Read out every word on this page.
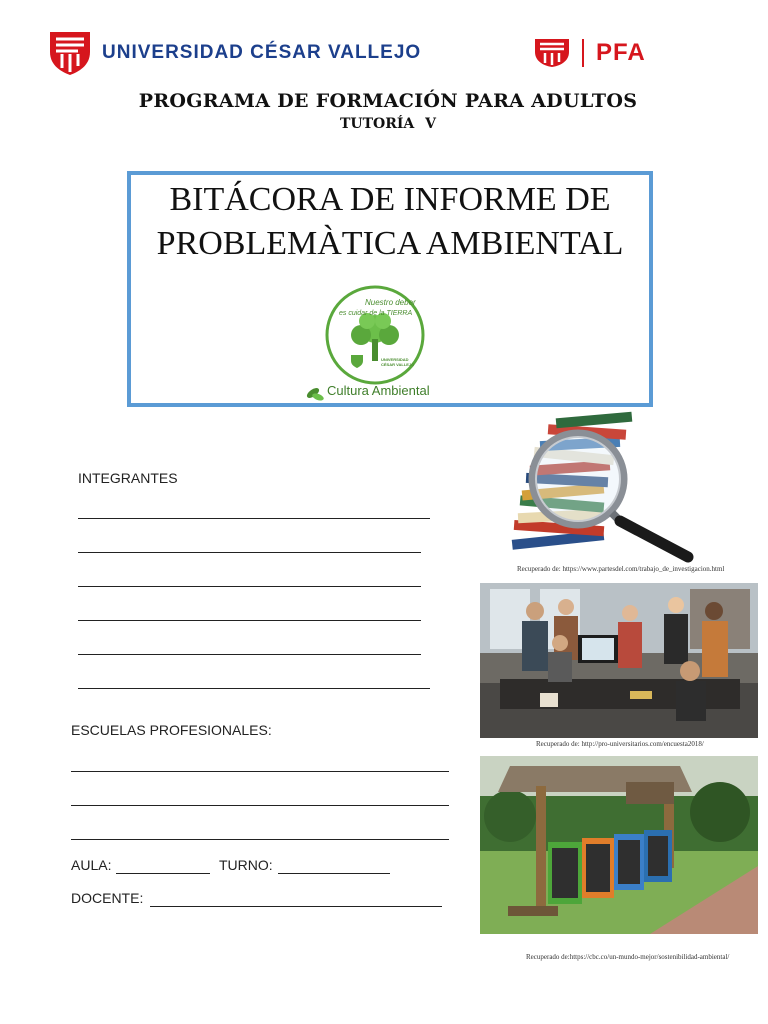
UNIVERSIDAD CÉSAR VALLEJO	PFA
PROGRAMA DE FORMACIÓN PARA ADULTOS
TUTORÍA V
BITÁCORA DE INFORME DE
PROBLEMÀTICA AMBIENTAL
Nuestro deber
es cuidar de la TIERRA
UNIVERSIDAD
CÉSAR VALLEJO
Cultura Ambiental
INTEGRANTES
ESCUELAS PROFESIONALES:
AULA:	TURNO:
DOCENTE:
Recuperado de: https://www.partesdel.com/trabajo_de_investigacion.html
Recuperado de: http://pro-universitarios.com/encuesta2018/
Recuperado de:https://cbc.co/un-mundo-mejor/sostenibilidad-ambiental/
